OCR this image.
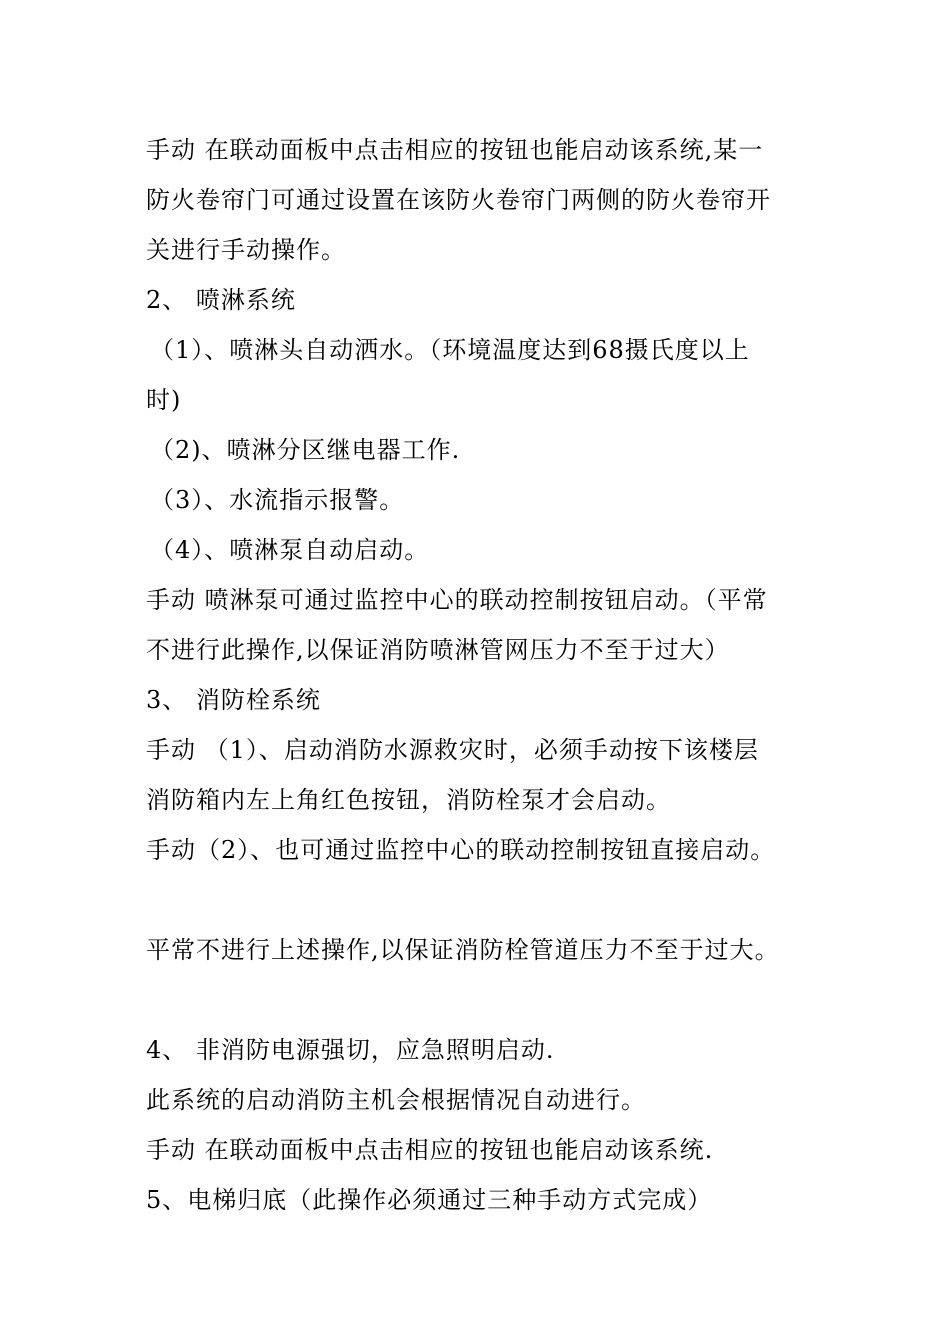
手动 在联动面板中点击相应的按钮也能启动该系统,某一
防火卷帘门可通过设置在该防火卷帘门两侧的防火卷帘开
关进行手动操作。
2、 喷淋系统
（1）、喷淋头自动洒水。（环境温度达到68摄氏度以上
时)
（2)、喷淋分区继电器工作.
（3）、水流指示报警。
（4）、喷淋泵自动启动。
手动 喷淋泵可通过监控中心的联动控制按钮启动。（平常
不进行此操作,以保证消防喷淋管网压力不至于过大）
3、 消防栓系统
手动 （1）、启动消防水源救灾时，必须手动按下该楼层
消防箱内左上角红色按钮，消防栓泵才会启动。
手动（2）、也可通过监控中心的联动控制按钮直接启动。
平常不进行上述操作,以保证消防栓管道压力不至于过大。
4、 非消防电源强切，应急照明启动.
此系统的启动消防主机会根据情况自动进行。
手动 在联动面板中点击相应的按钮也能启动该系统.
5、电梯归底（此操作必须通过三种手动方式完成）
